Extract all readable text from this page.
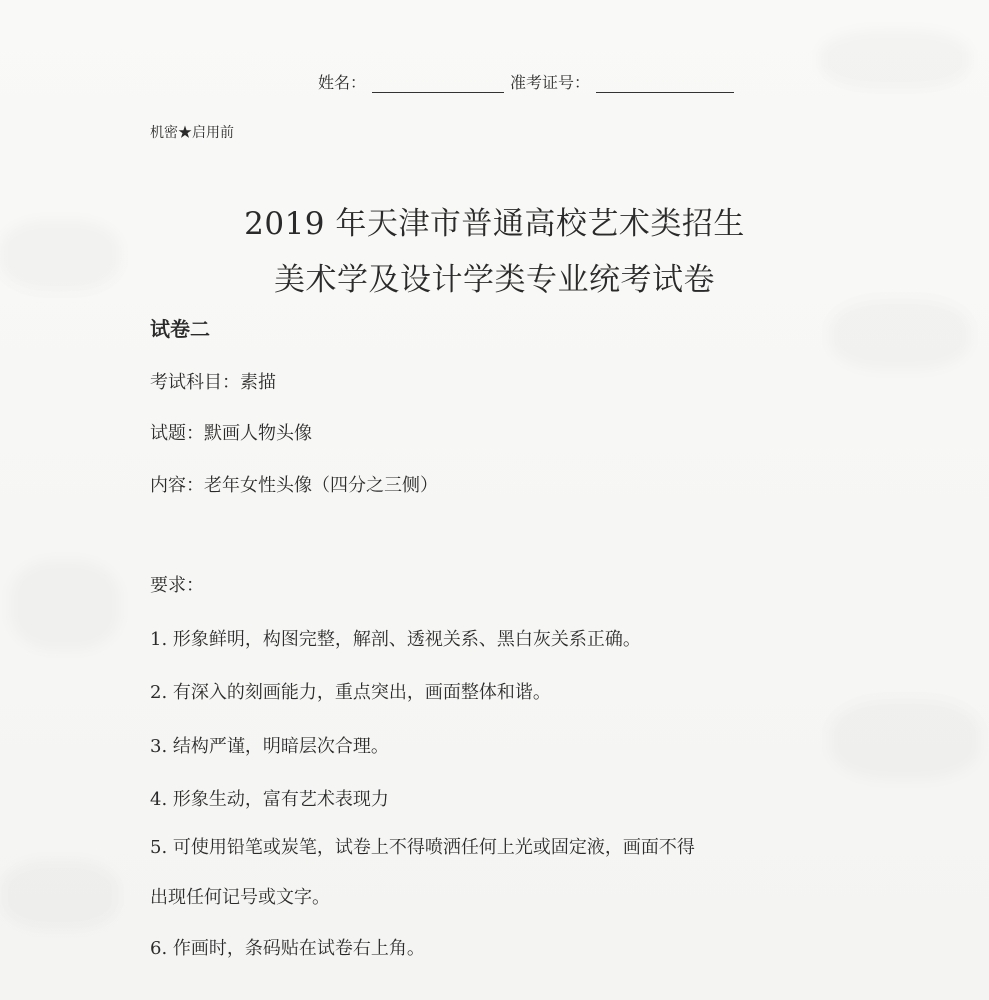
姓名：	准考证号：
机密★启用前
2019 年天津市普通高校艺术类招生
美术学及设计学类专业统考试卷
试卷二
考试科目：素描
试题：默画人物头像
内容：老年女性头像（四分之三侧）
要求：
1. 形象鲜明，构图完整，解剖、透视关系、黑白灰关系正确。
2. 有深入的刻画能力，重点突出，画面整体和谐。
3. 结构严谨，明暗层次合理。
4. 形象生动，富有艺术表现力
5. 可使用铅笔或炭笔，试卷上不得喷洒任何上光或固定液，画面不得
出现任何记号或文字。
6. 作画时，条码贴在试卷右上角。
